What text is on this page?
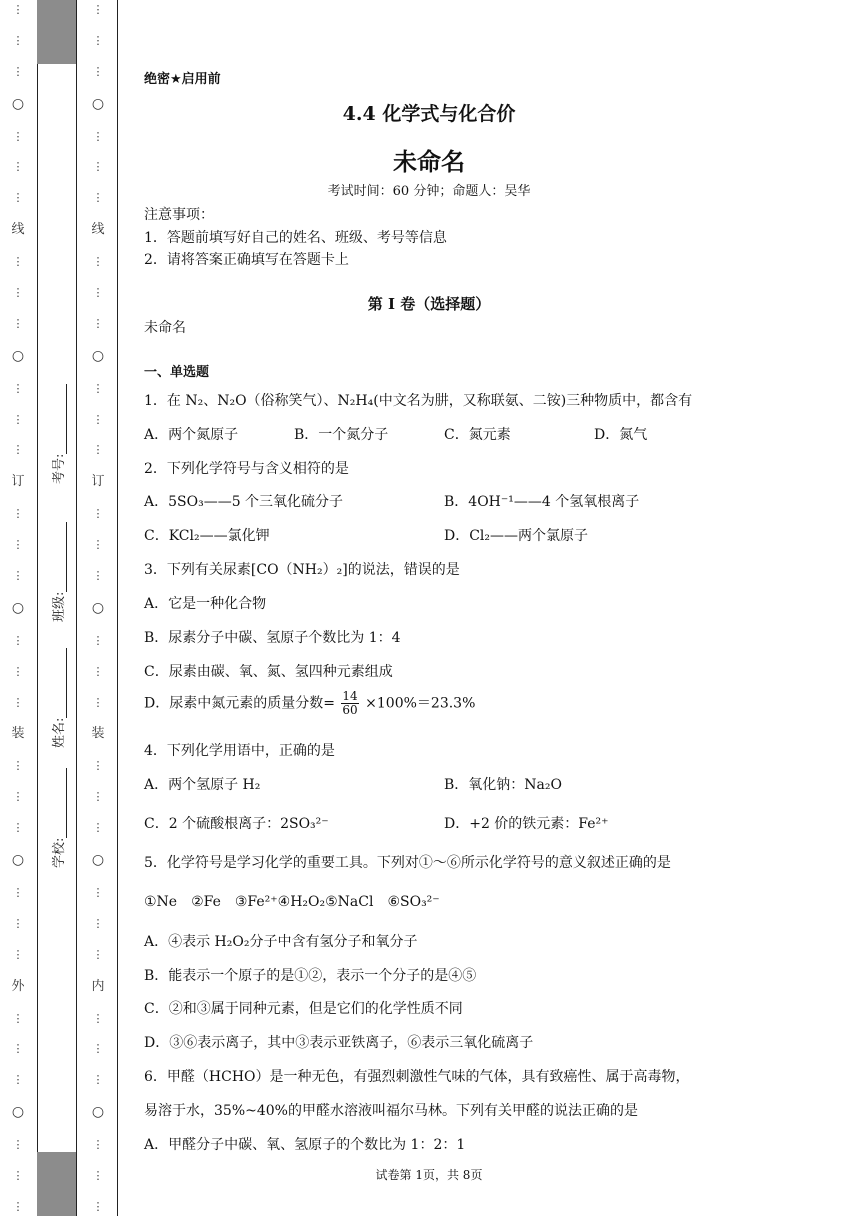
⋮
⋮
⋮
○
⋮
⋮
⋮
线
⋮
⋮
⋮
○
⋮
⋮
⋮
订
⋮
⋮
⋮
○
⋮
⋮
⋮
装
⋮
⋮
⋮
○
⋮
⋮
⋮
外
⋮
⋮
⋮
○
⋮
⋮
⋮
⋮
⋮
⋮
○
⋮
⋮
⋮
线
⋮
⋮
⋮
○
⋮
⋮
⋮
订
⋮
⋮
⋮
○
⋮
⋮
⋮
装
⋮
⋮
⋮
○
⋮
⋮
⋮
内
⋮
⋮
⋮
○
⋮
⋮
⋮
学校:
姓名:
班级:
考号:
绝密★启用前
4.4 化学式与化合价
未命名
考试时间：60 分钟；命题人：吴华
注意事项：
1．答题前填写好自己的姓名、班级、考号等信息
2．请将答案正确填写在答题卡上
第 I 卷（选择题）
未命名
一、单选题
1．在 N₂、N₂O（俗称笑气）、N₂H₄(中文名为肼，又称联氨、二铵)三种物质中，都含有
A．两个氮原子	B．一个氮分子	C．氮元素	D．氮气
2．下列化学符号与含义相符的是
A．5SO₃——5 个三氧化硫分子	B．4OH⁻¹——4 个氢氧根离子
C．KCl₂——氯化钾	D．Cl₂——两个氯原子
3．下列有关尿素[CO（NH₂）₂]的说法，错误的是
A．它是一种化合物
B．尿素分子中碳、氢原子个数比为 1：4
C．尿素由碳、氧、氮、氢四种元素组成
D．尿素中氮元素的质量分数= $\frac{14}{60} \times 100\%=23.3\%$
4．下列化学用语中，正确的是
A．两个氢原子 H₂	B．氧化钠：Na₂O
C．2 个硫酸根离子：2SO₃²⁻	D．+2 价的铁元素：Fe²⁺
5．化学符号是学习化学的重要工具。下列对①～⑥所示化学符号的意义叙述正确的是
①Ne　②Fe　③Fe²⁺④H₂O₂⑤NaCl　⑥SO₃²⁻
A．④表示 H₂O₂分子中含有氢分子和氧分子
B．能表示一个原子的是①②，表示一个分子的是④⑤
C．②和③属于同种元素，但是它们的化学性质不同
D．③⑥表示离子，其中③表示亚铁离子，⑥表示三氧化硫离子
6．甲醛（HCHO）是一种无色，有强烈刺激性气味的气体，具有致癌性、属于高毒物，
易溶于水，35%~40%的甲醛水溶液叫福尔马林。下列有关甲醛的说法正确的是
A．甲醛分子中碳、氧、氢原子的个数比为 1：2：1
试卷第 1页，共 8页
